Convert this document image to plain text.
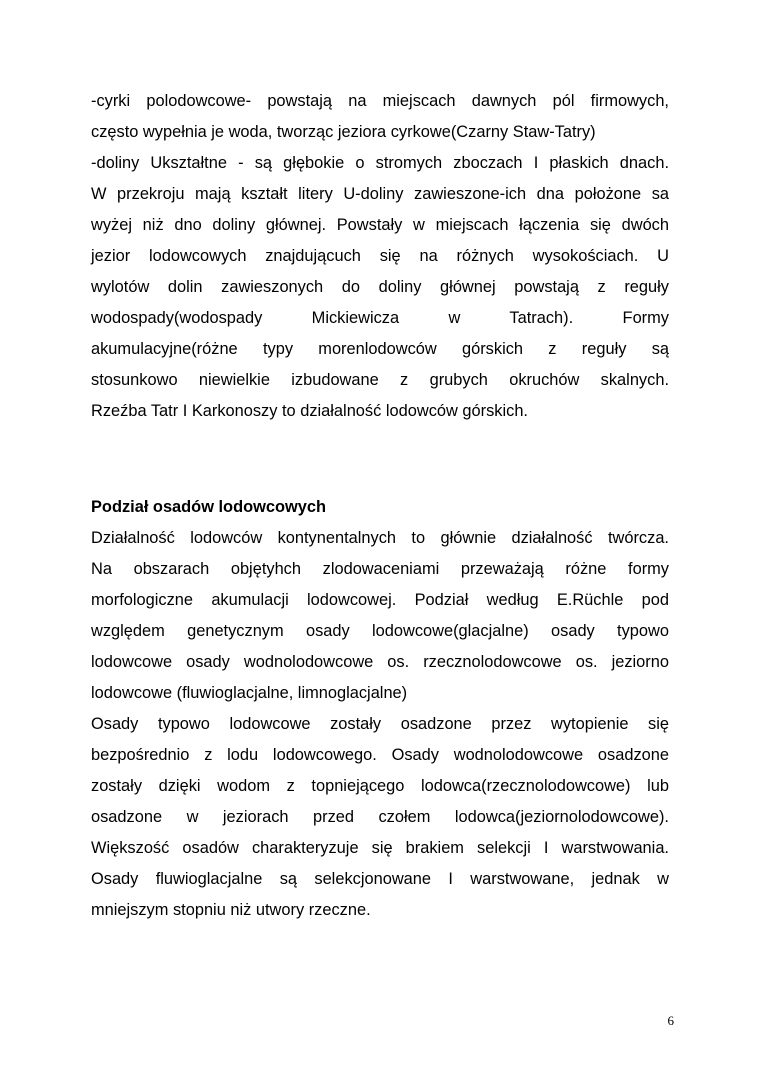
-cyrki polodowcowe- powstają na miejscach dawnych pól firmowych,
często wypełnia je woda, tworząc jeziora cyrkowe(Czarny Staw-Tatry)
-doliny Ukształtne - są głębokie o stromych zboczach I płaskich dnach.
W przekroju mają kształt litery U-doliny zawieszone-ich dna położone sa
wyżej niż dno doliny głównej. Powstały w miejscach łączenia się dwóch
jezior lodowcowych znajdującuch się na różnych wysokościach. U
wylotów dolin zawieszonych do doliny głównej powstają z reguły
wodospady(wodospady Mickiewicza w Tatrach). Formy
akumulacyjne(różne typy morenlodowców górskich z reguły są
stosunkowo niewielkie izbudowane z grubych okruchów skalnych.
Rzeźba Tatr I Karkonoszy to działalność lodowców górskich.
Podział osadów lodowcowych
Działalność lodowców kontynentalnych to głównie działalność twórcza.
Na obszarach objętyhch zlodowaceniami przeważają różne formy
morfologiczne akumulacji lodowcowej. Podział według E.Rüchle pod
względem genetycznym osady lodowcowe(glacjalne) osady typowo
lodowcowe osady wodnolodowcowe os. rzecznolodowcowe os. jeziorno
lodowcowe (fluwioglacjalne, limnoglacjalne)
Osady typowo lodowcowe zostały osadzone przez wytopienie się
bezpośrednio z lodu lodowcowego. Osady wodnolodowcowe osadzone
zostały dzięki wodom z topniejącego lodowca(rzecznolodowcowe) lub
osadzone w jeziorach przed czołem lodowca(jeziornolodowcowe).
Większość osadów charakteryzuje się brakiem selekcji I warstwowania.
Osady fluwioglacjalne są selekcjonowane I warstwowane, jednak w
mniejszym stopniu niż utwory rzeczne.
6
